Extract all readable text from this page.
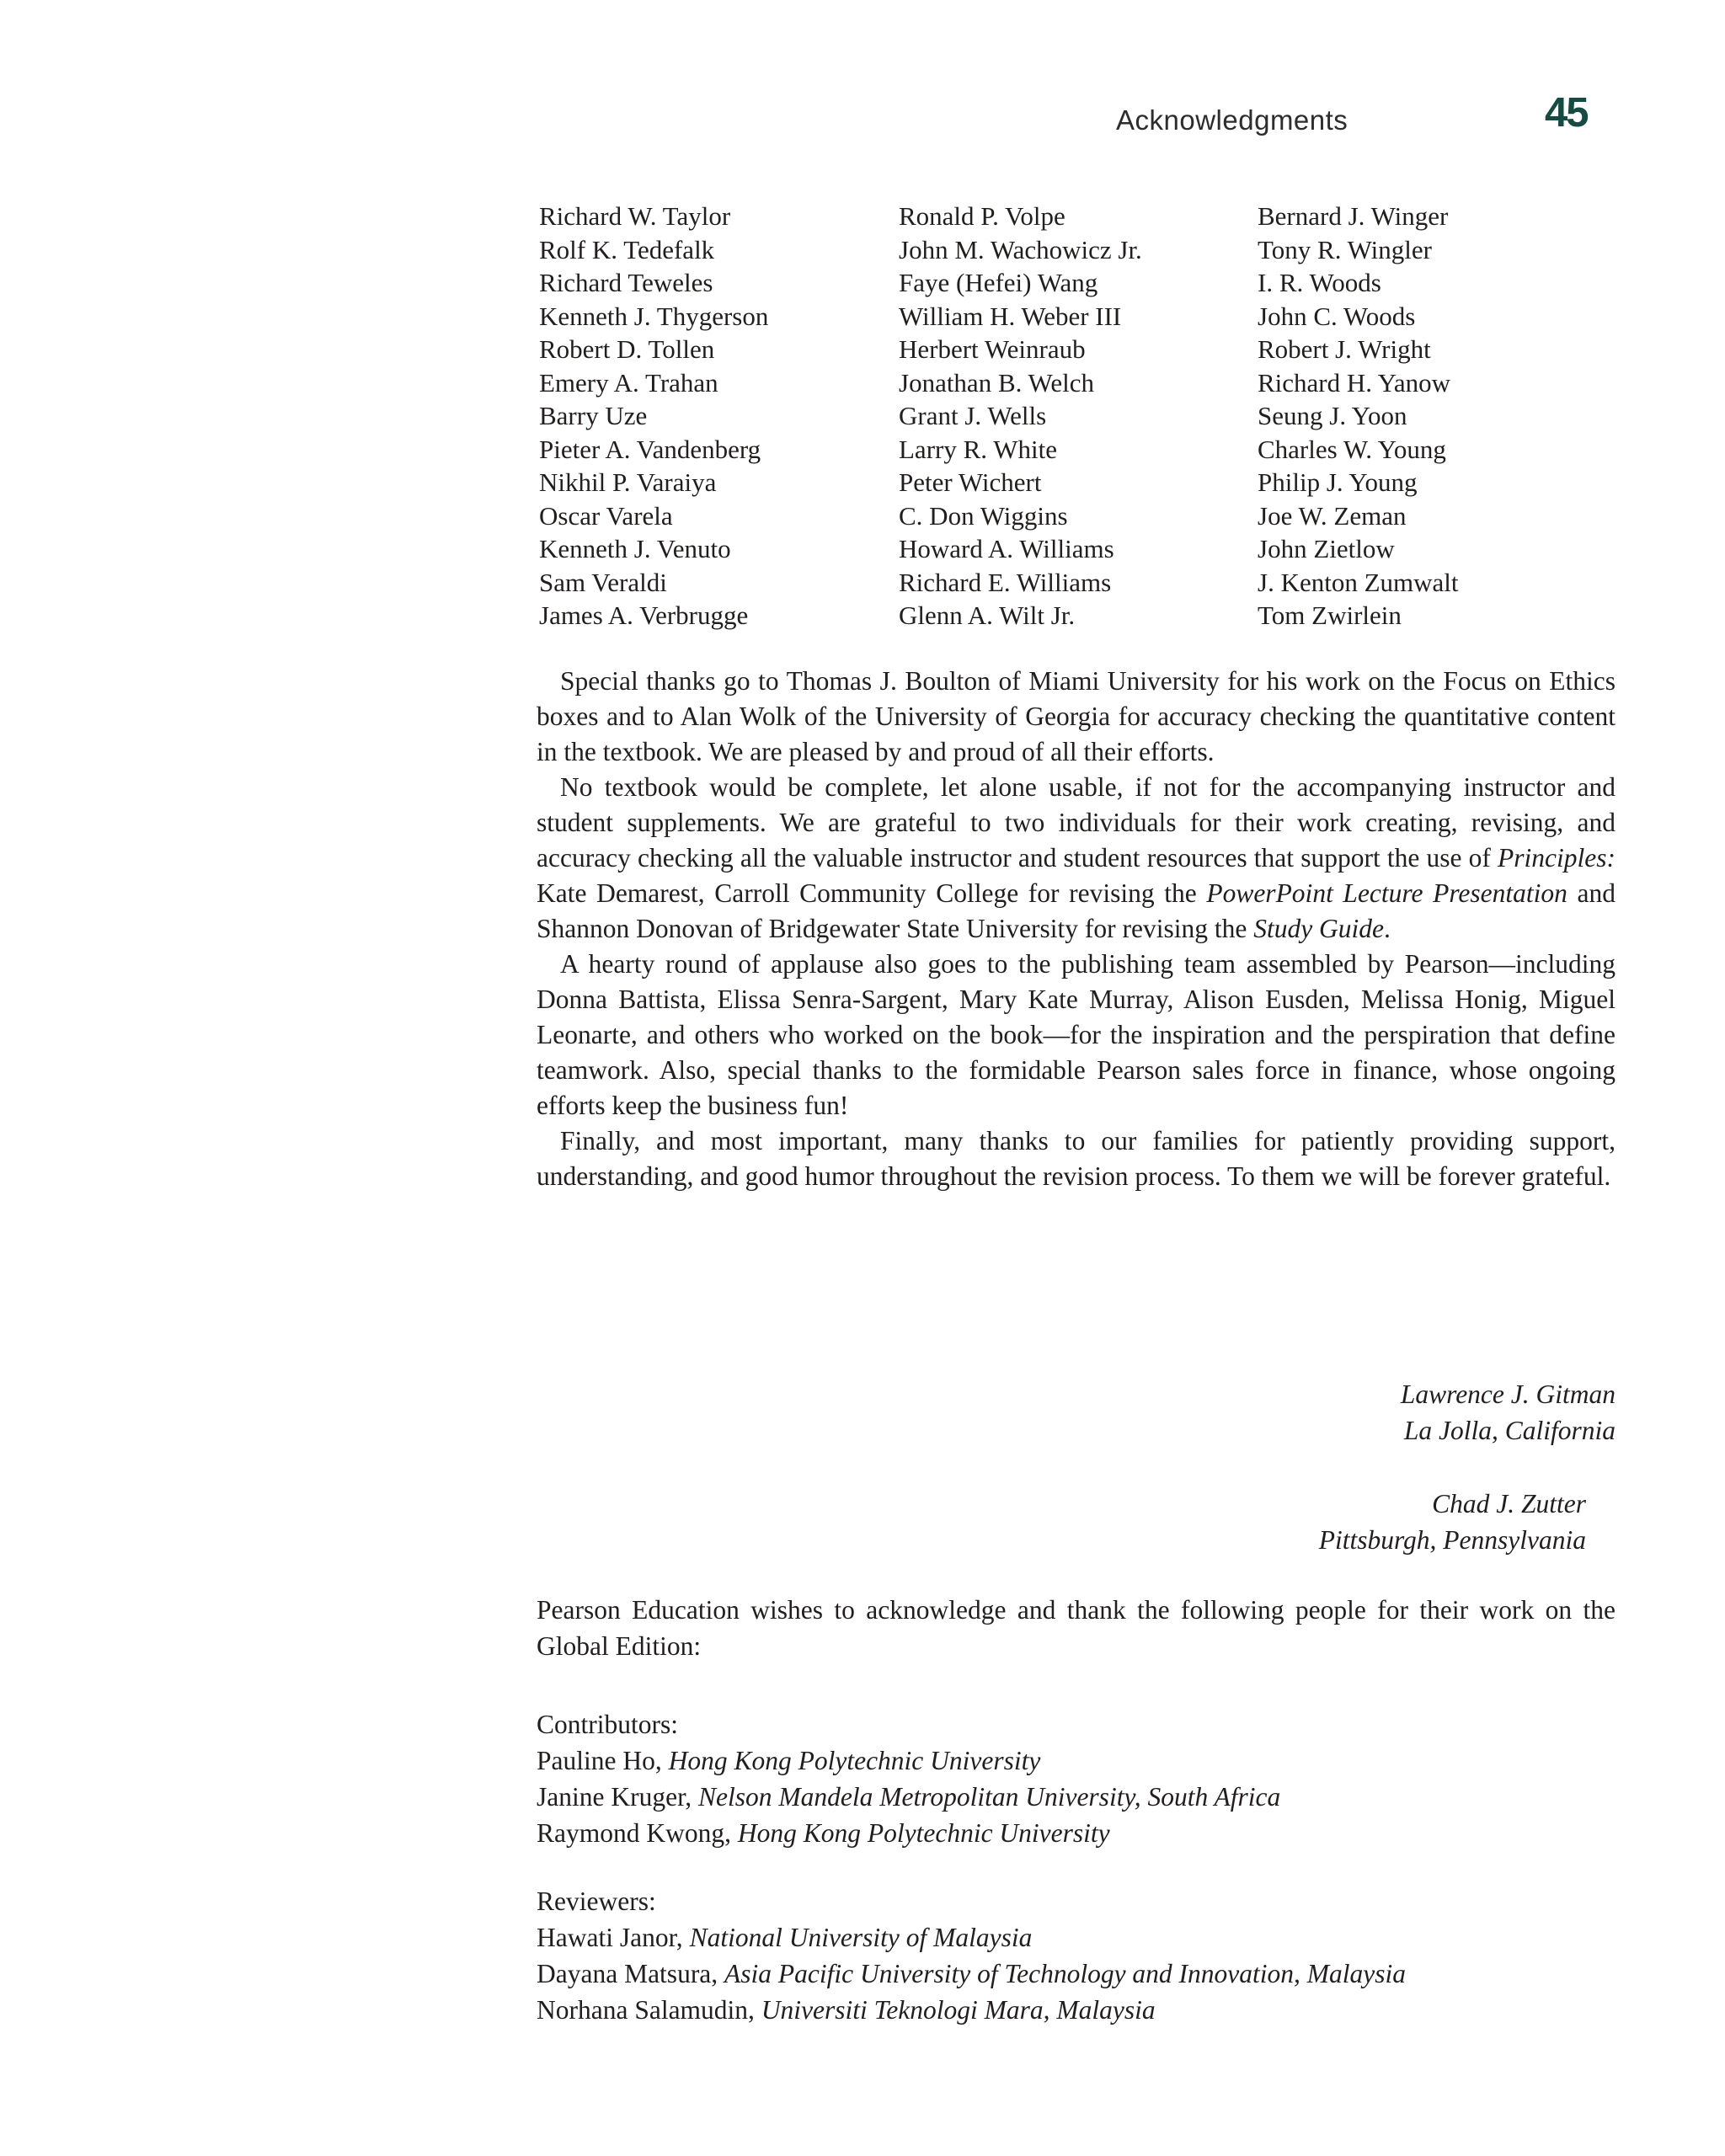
Acknowledgments	45
Richard W. Taylor
Rolf K. Tedefalk
Richard Teweles
Kenneth J. Thygerson
Robert D. Tollen
Emery A. Trahan
Barry Uze
Pieter A. Vandenberg
Nikhil P. Varaiya
Oscar Varela
Kenneth J. Venuto
Sam Veraldi
James A. Verbrugge
Ronald P. Volpe
John M. Wachowicz Jr.
Faye (Hefei) Wang
William H. Weber III
Herbert Weinraub
Jonathan B. Welch
Grant J. Wells
Larry R. White
Peter Wichert
C. Don Wiggins
Howard A. Williams
Richard E. Williams
Glenn A. Wilt Jr.
Bernard J. Winger
Tony R. Wingler
I. R. Woods
John C. Woods
Robert J. Wright
Richard H. Yanow
Seung J. Yoon
Charles W. Young
Philip J. Young
Joe W. Zeman
John Zietlow
J. Kenton Zumwalt
Tom Zwirlein

Special thanks go to Thomas J. Boulton of Miami University for his work on the Focus on Ethics boxes and to Alan Wolk of the University of Georgia for accuracy checking the quantitative content in the textbook. We are pleased by and proud of all their efforts.

No textbook would be complete, let alone usable, if not for the accompanying instructor and student supplements. We are grateful to two individuals for their work creating, revising, and accuracy checking all the valuable instructor and student resources that support the use of Principles: Kate Demarest, Carroll Community College for revising the PowerPoint Lecture Presentation and Shannon Donovan of Bridgewater State University for revising the Study Guide.

A hearty round of applause also goes to the publishing team assembled by Pearson—including Donna Battista, Elissa Senra-Sargent, Mary Kate Murray, Alison Eusden, Melissa Honig, Miguel Leonarte, and others who worked on the book—for the inspiration and the perspiration that define teamwork. Also, special thanks to the formidable Pearson sales force in finance, whose ongoing efforts keep the business fun!

Finally, and most important, many thanks to our families for patiently providing support, understanding, and good humor throughout the revision process. To them we will be forever grateful.

Lawrence J. Gitman
La Jolla, California
Chad J. Zutter
Pittsburgh, Pennsylvania
Pearson Education wishes to acknowledge and thank the following people for their work on the Global Edition:
Contributors:
Pauline Ho, Hong Kong Polytechnic University
Janine Kruger, Nelson Mandela Metropolitan University, South Africa
Raymond Kwong, Hong Kong Polytechnic University
Reviewers:
Hawati Janor, National University of Malaysia
Dayana Matsura, Asia Pacific University of Technology and Innovation, Malaysia
Norhana Salamudin, Universiti Teknologi Mara, Malaysia
